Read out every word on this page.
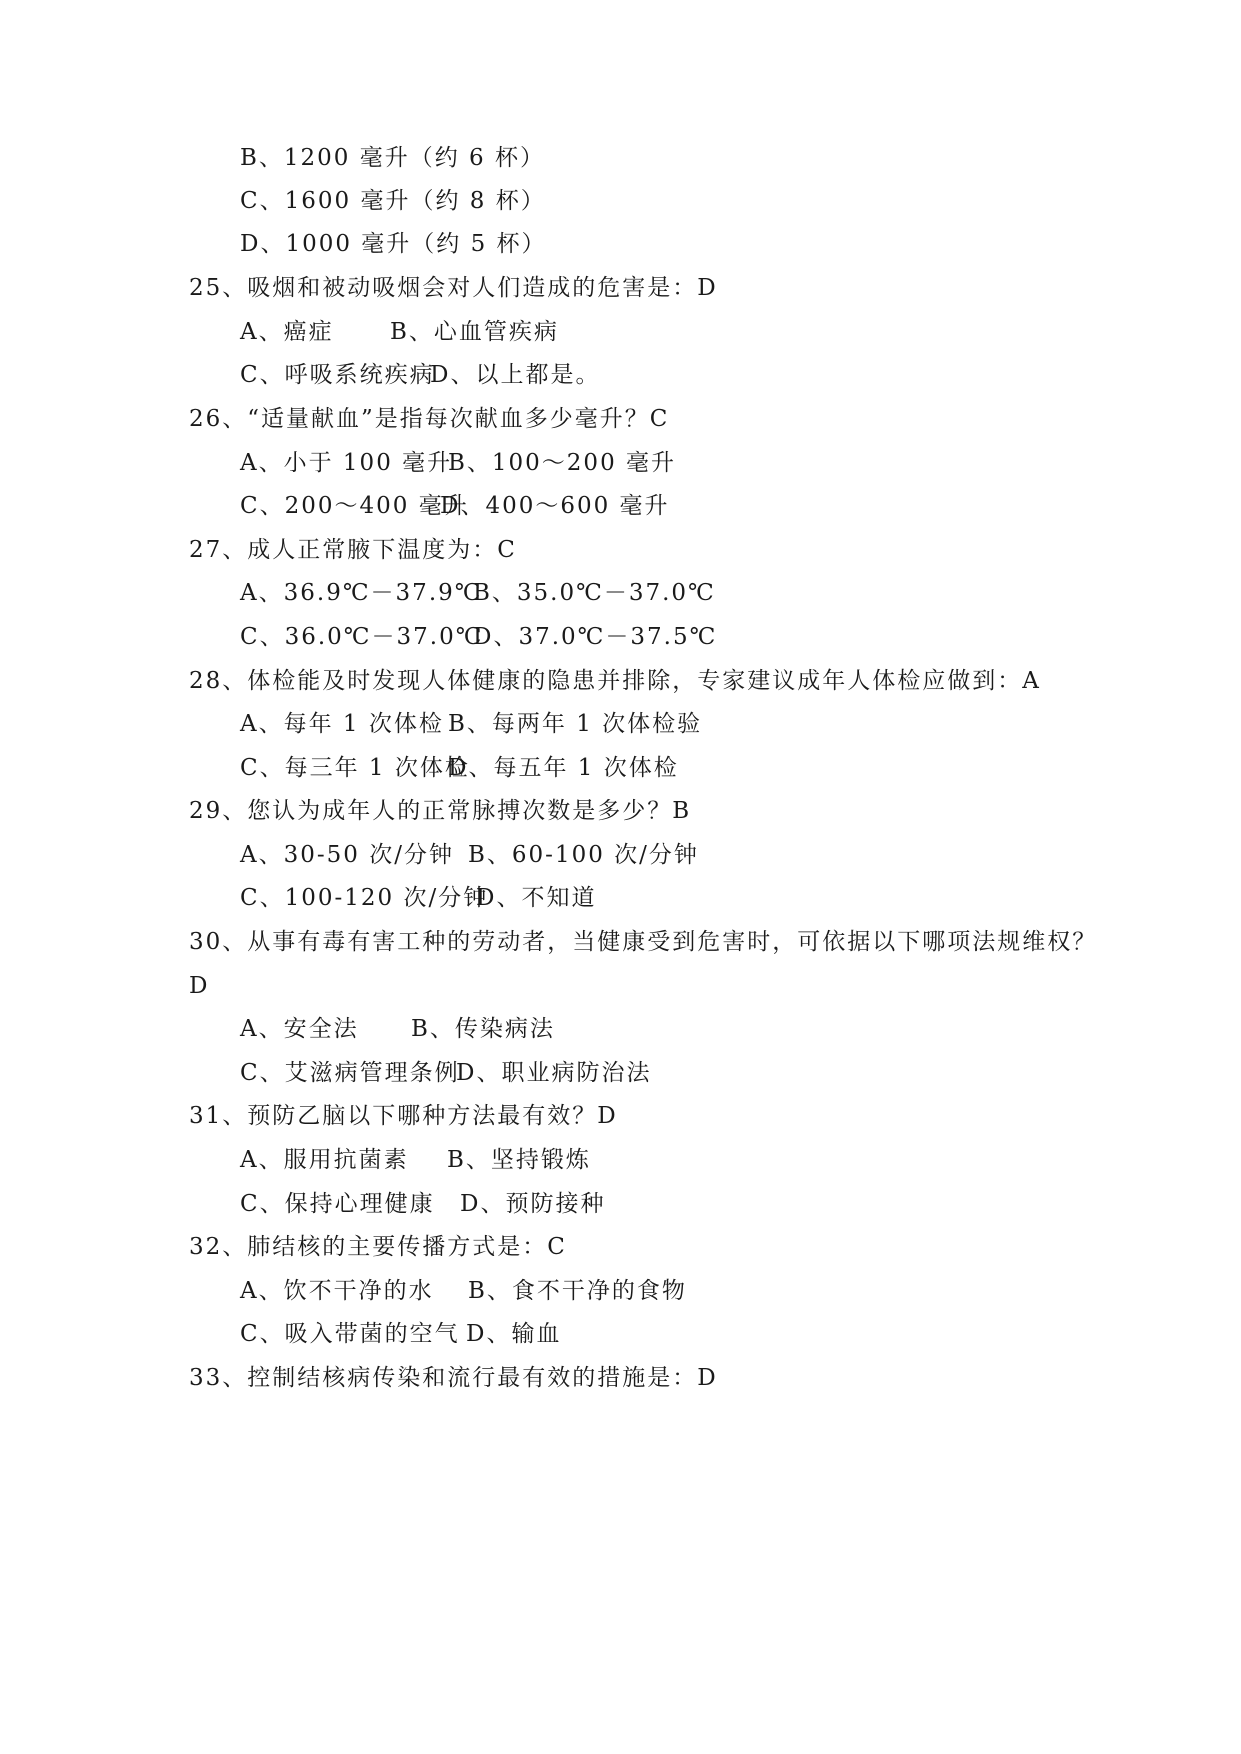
B、1200 毫升（约 6 杯）
C、1600 毫升（约 8 杯）
D、1000 毫升（约 5 杯）
25、吸烟和被动吸烟会对人们造成的危害是：D
A、癌症 B、心血管疾病
C、呼吸系统疾病D、以上都是。
26、“适量献血”是指每次献血多少毫升？C
A、小于 100 毫升B、100～200 毫升
C、200～400 毫升D、400～600 毫升
27、成人正常腋下温度为：C
A、36.9℃－37.9℃B、35.0℃－37.0℃
C、36.0℃－37.0℃D、37.0℃－37.5℃
28、体检能及时发现人体健康的隐患并排除，专家建议成年人体检应做到：A
A、每年 1 次体检 B、每两年 1 次体检验
C、每三年 1 次体检D、每五年 1 次体检
29、您认为成年人的正常脉搏次数是多少？B
A、30-50 次/分钟 B、60-100 次/分钟
C、100-120 次/分钟D、不知道
30、从事有毒有害工种的劳动者，当健康受到危害时，可依据以下哪项法规维权？
D
A、安全法 B、传染病法
C、艾滋病管理条例D、职业病防治法
31、预防乙脑以下哪种方法最有效？D
A、服用抗菌素 B、坚持锻炼
C、保持心理健康 D、预防接种
32、肺结核的主要传播方式是：C
A、饮不干净的水 B、食不干净的食物
C、吸入带菌的空气 D、输血
33、控制结核病传染和流行最有效的措施是：D
